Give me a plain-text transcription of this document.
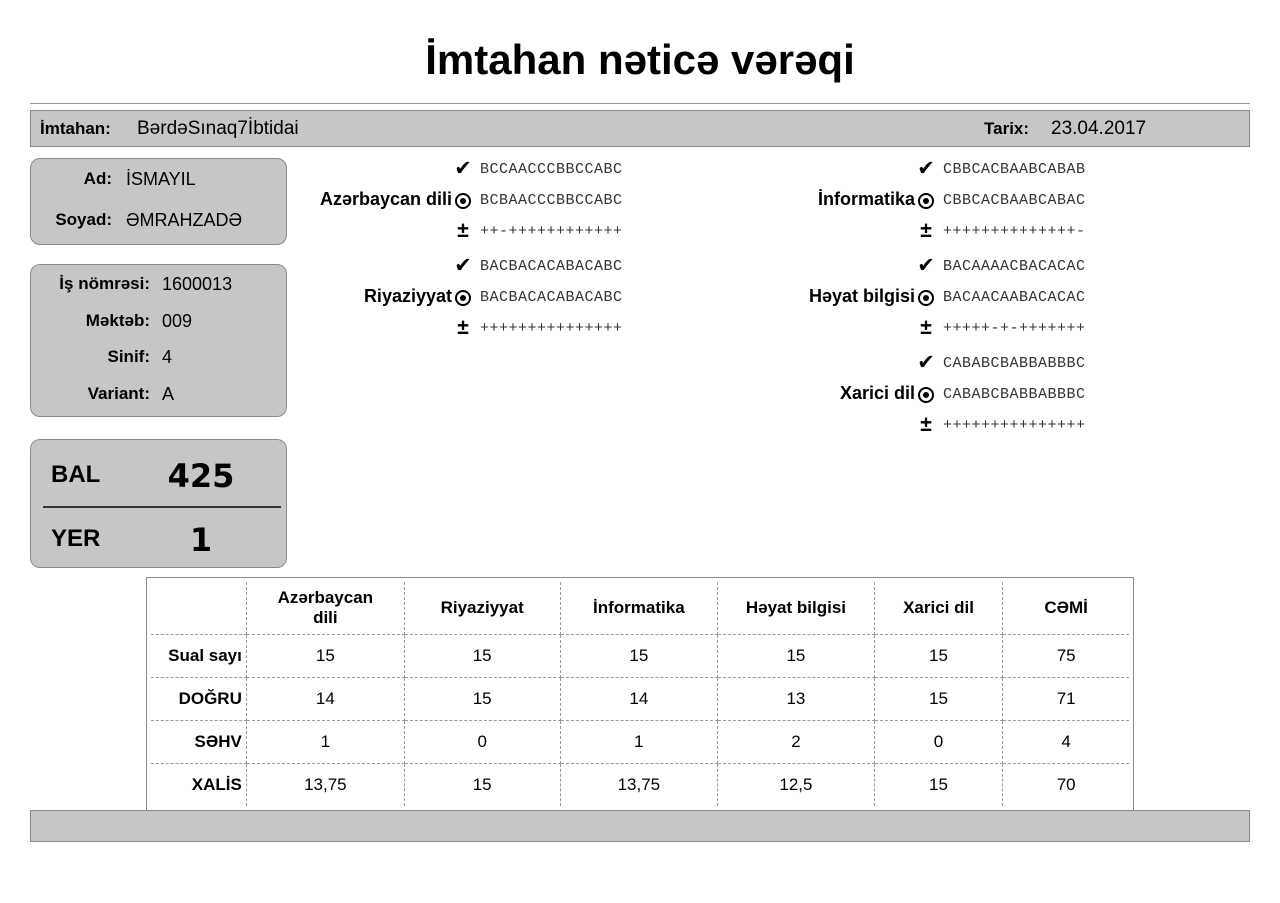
İmtahan nəticə vərəqi
İmtahan: BərdəSınaq7İbtidai	Tarix: 23.04.2017
Ad: İSMAYIL
Soyad: ƏMRAHZADƏ
İş nömrəsi: 1600013
Məktəb: 009
Sinif: 4
Variant: A
BAL	425
YER	1
Azərbaycan dili
✔ BCCAACCCBBCCABC
BCBAACCCBBCCABC
± ++-++++++++++++
Riyaziyyat
✔ BACBACACABACABC
BACBACACABACABC
± +++++++++++++++
İnformatika
✔ CBBCACBAABCABAB
CBBCACBAABCABAC
± ++++++++++++++-
Həyat bilgisi
✔ BACAAAACBACACAC
BACAACAABACACAC
± +++++-+-+++++++
Xarici dil
✔ CABABCBABBABBBC
CABABCBABBABBBC
± +++++++++++++++
	Azərbaycan dili	Riyaziyyat	İnformatika	Həyat bilgisi	Xarici dil	CƏMİ
Sual sayı	15	15	15	15	15	75
DOĞRU	14	15	14	13	15	71
SƏHV	1	0	1	2	0	4
XALİS	13,75	15	13,75	12,5	15	70
